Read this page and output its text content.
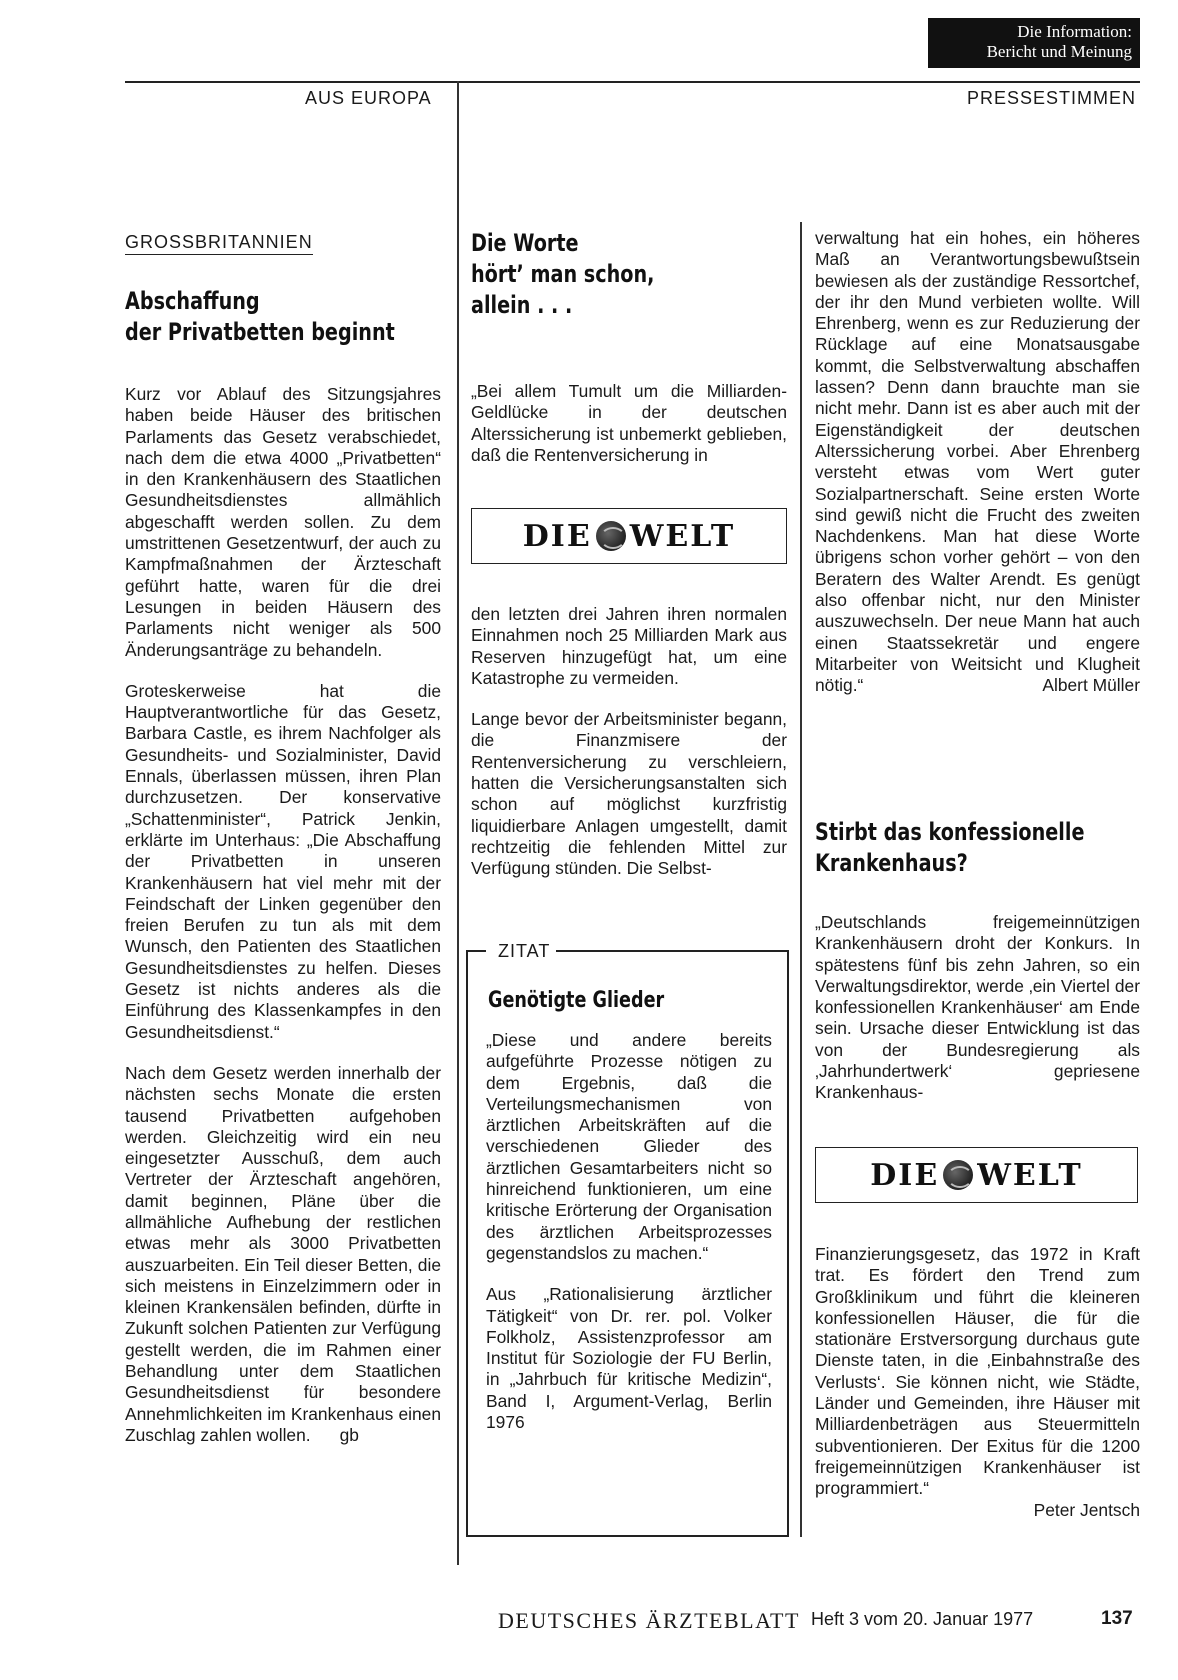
Die Information:
Bericht und Meinung
AUS EUROPA	PRESSESTIMMEN
GROSSBRITANNIEN
Abschaffung
der Privatbetten beginnt

Kurz vor Ablauf des Sitzungsjahres haben beide Häuser des britischen Parlaments das Gesetz verabschiedet, nach dem die etwa 4000 „Privatbetten“ in den Krankenhäusern des Staatlichen Gesundheitsdienstes allmählich abgeschafft werden sollen. Zu dem umstrittenen Gesetzentwurf, der auch zu Kampfmaßnahmen der Ärzteschaft geführt hatte, waren für die drei Lesungen in beiden Häusern des Parlaments nicht weniger als 500 Änderungsanträge zu behandeln.

Groteskerweise hat die Hauptverantwortliche für das Gesetz, Barbara Castle, es ihrem Nachfolger als Gesundheits- und Sozialminister, David Ennals, überlassen müssen, ihren Plan durchzusetzen. Der konservative „Schattenminister“, Patrick Jenkin, erklärte im Unterhaus: „Die Abschaffung der Privatbetten in unseren Krankenhäusern hat viel mehr mit der Feindschaft der Linken gegenüber den freien Berufen zu tun als mit dem Wunsch, den Patienten des Staatlichen Gesundheitsdienstes zu helfen. Dieses Gesetz ist nichts anderes als die Einführung des Klassenkampfes in den Gesundheitsdienst.“

Nach dem Gesetz werden innerhalb der nächsten sechs Monate die ersten tausend Privatbetten aufgehoben werden. Gleichzeitig wird ein neu eingesetzter Ausschuß, dem auch Vertreter der Ärzteschaft angehören, damit beginnen, Pläne über die allmähliche Aufhebung der restlichen etwas mehr als 3000 Privatbetten auszuarbeiten. Ein Teil dieser Betten, die sich meistens in Einzelzimmern oder in kleinen Krankensälen befinden, dürfte in Zukunft solchen Patienten zur Verfügung gestellt werden, die im Rahmen einer Behandlung unter dem Staatlichen Gesundheitsdienst für besondere Annehmlichkeiten im Krankenhaus einen Zuschlag zahlen wollen. gb

Die Worte
hört’ man schon,
allein . . .
„Bei allem Tumult um die Milliarden-Geldlücke in der deutschen Alterssicherung ist unbemerkt geblieben, daß die Rentenversicherung in
DIE WELT

den letzten drei Jahren ihren normalen Einnahmen noch 25 Milliarden Mark aus Reserven hinzugefügt hat, um eine Katastrophe zu vermeiden.

Lange bevor der Arbeitsminister begann, die Finanzmisere der Rentenversicherung zu verschleiern, hatten die Versicherungsanstalten sich schon auf möglichst kurzfristig liquidierbare Anlagen umgestellt, damit rechtzeitig die fehlenden Mittel zur Verfügung stünden. Die Selbst-

verwaltung hat ein hohes, ein höheres Maß an Verantwortungsbewußtsein bewiesen als der zuständige Ressortchef, der ihr den Mund verbieten wollte. Will Ehrenberg, wenn es zur Reduzierung der Rücklage auf eine Monatsausgabe kommt, die Selbstverwaltung abschaffen lassen? Denn dann brauchte man sie nicht mehr. Dann ist es aber auch mit der Eigenständigkeit der deutschen Alterssicherung vorbei. Aber Ehrenberg versteht etwas vom Wert guter Sozialpartnerschaft. Seine ersten Worte sind gewiß nicht die Frucht des zweiten Nachdenkens. Man hat diese Worte übrigens schon vorher gehört – von den Beratern des Walter Arendt. Es genügt also offenbar nicht, nur den Minister auszuwechseln. Der neue Mann hat auch einen Staatssekretär und engere Mitarbeiter von Weitsicht und Klugheit nötig.“	Albert Müller
ZITAT
Genötigte Glieder

„Diese und andere bereits aufgeführte Prozesse nötigen zu dem Ergebnis, daß die Verteilungsmechanismen von ärztlichen Arbeitskräften auf die verschiedenen Glieder des ärztlichen Gesamtarbeiters nicht so hinreichend funktionieren, um eine kritische Erörterung der Organisation des ärztlichen Arbeitsprozesses gegenstandslos zu machen.“

Aus „Rationalisierung ärztlicher Tätigkeit“ von Dr. rer. pol. Volker Folkholz, Assistenzprofessor am Institut für Soziologie der FU Berlin, in „Jahrbuch für kritische Medizin“, Band I, Argument-Verlag, Berlin 1976

Stirbt das konfessionelle
Krankenhaus?
„Deutschlands freigemeinnützigen Krankenhäusern droht der Konkurs. In spätestens fünf bis zehn Jahren, so ein Verwaltungsdirektor, werde ‚ein Viertel der konfessionellen Krankenhäuser‘ am Ende sein. Ursache dieser Entwicklung ist das von der Bundesregierung als ‚Jahrhundertwerk‘ gepriesene Krankenhaus-
DIE WELT

Finanzierungsgesetz, das 1972 in Kraft trat. Es fördert den Trend zum Großklinikum und führt die kleineren konfessionellen Häuser, die für die stationäre Erstversorgung durchaus gute Dienste taten, in die ‚Einbahnstraße des Verlusts‘. Sie können nicht, wie Städte, Länder und Gemeinden, ihre Häuser mit Milliardenbeträgen aus Steuermitteln subventionieren. Der Exitus für die 1200 freigemeinnützigen Krankenhäuser ist programmiert.“

Peter Jentsch
DEUTSCHES ÄRZTEBLATT Heft 3 vom 20. Januar 1977	137
